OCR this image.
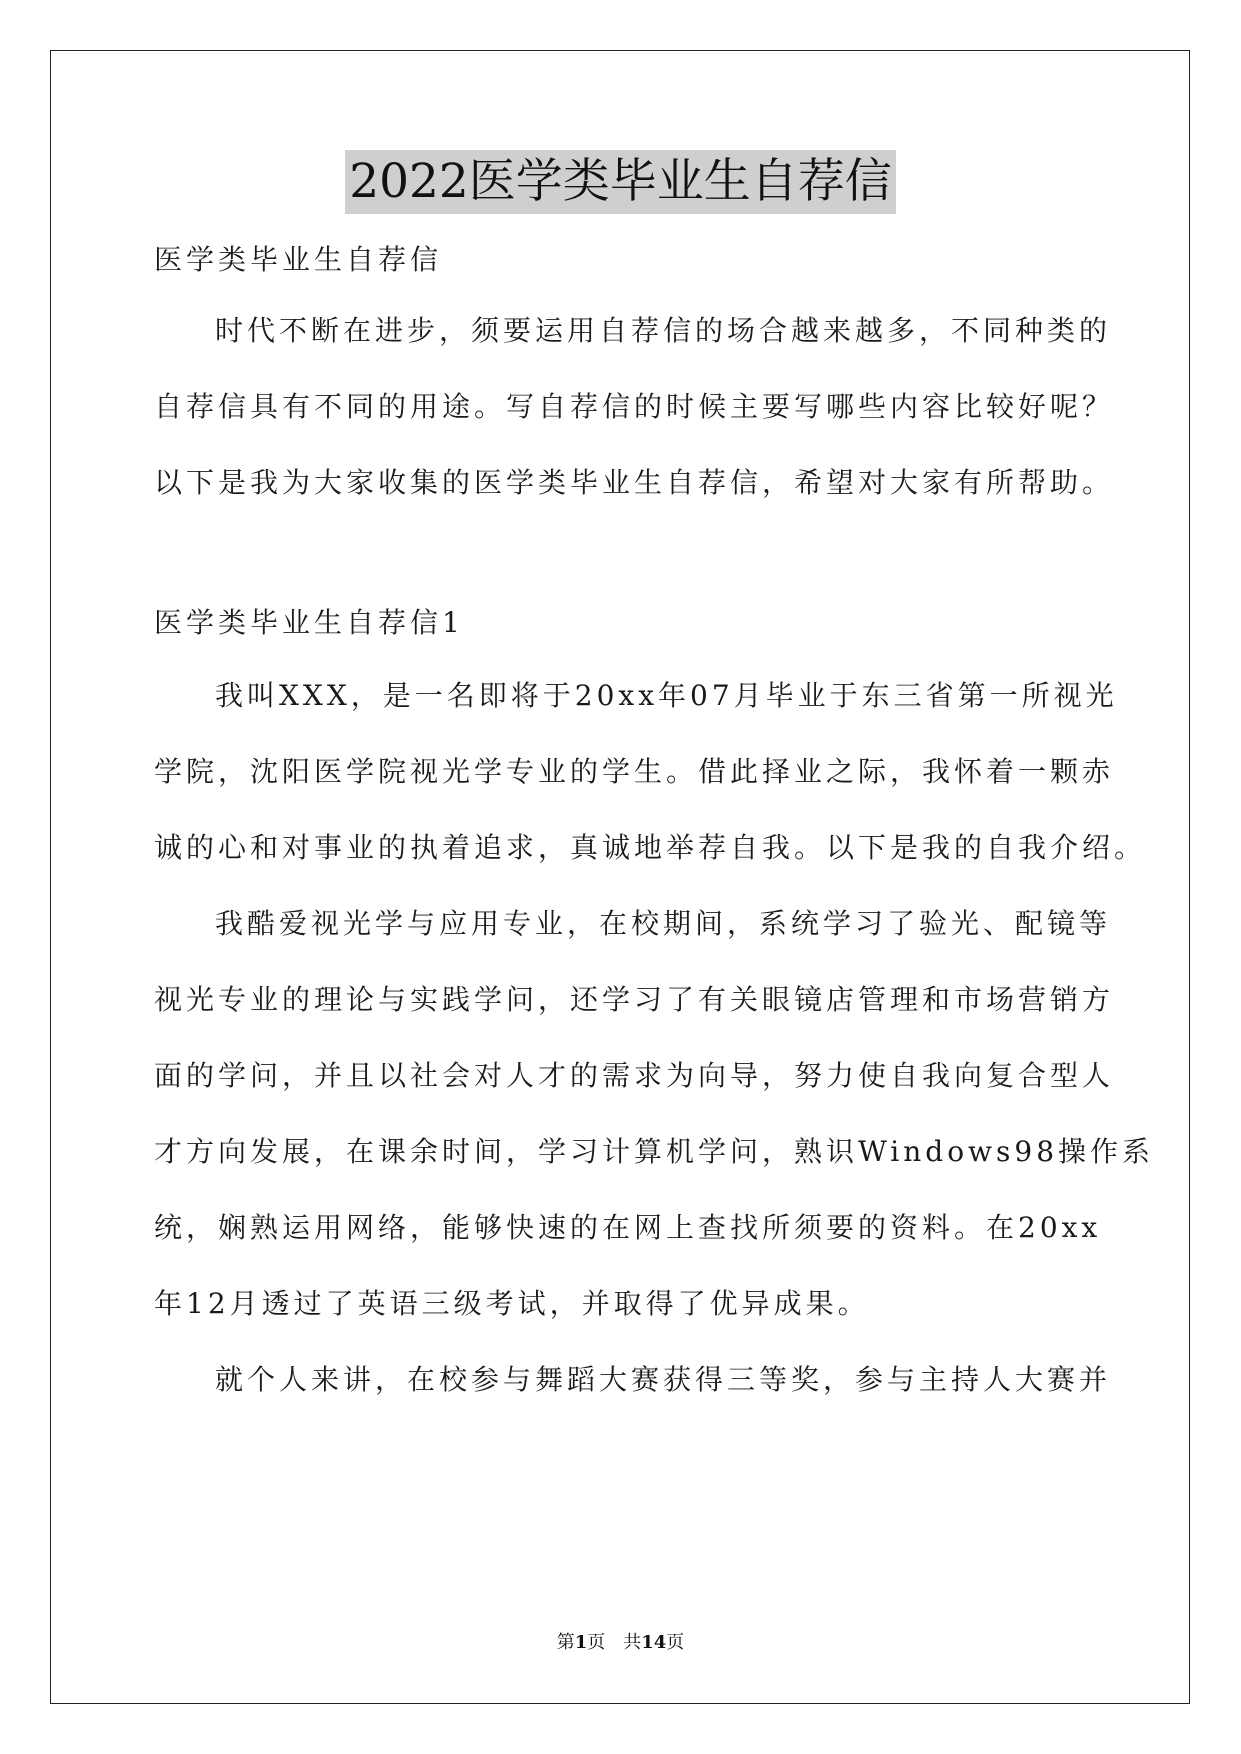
2022医学类毕业生自荐信
医学类毕业生自荐信
时代不断在进步，须要运用自荐信的场合越来越多，不同种类的
自荐信具有不同的用途。写自荐信的时候主要写哪些内容比较好呢？
以下是我为大家收集的医学类毕业生自荐信，希望对大家有所帮助。
医学类毕业生自荐信1
我叫XXX，是一名即将于20xx年07月毕业于东三省第一所视光
学院，沈阳医学院视光学专业的学生。借此择业之际，我怀着一颗赤
诚的心和对事业的执着追求，真诚地举荐自我。以下是我的自我介绍。
我酷爱视光学与应用专业，在校期间，系统学习了验光、配镜等
视光专业的理论与实践学问，还学习了有关眼镜店管理和市场营销方
面的学问，并且以社会对人才的需求为向导，努力使自我向复合型人
才方向发展，在课余时间，学习计算机学问，熟识Windows98操作系
统，娴熟运用网络，能够快速的在网上查找所须要的资料。在20xx
年12月透过了英语三级考试，并取得了优异成果。
就个人来讲，在校参与舞蹈大赛获得三等奖，参与主持人大赛并
第1页　共14页
